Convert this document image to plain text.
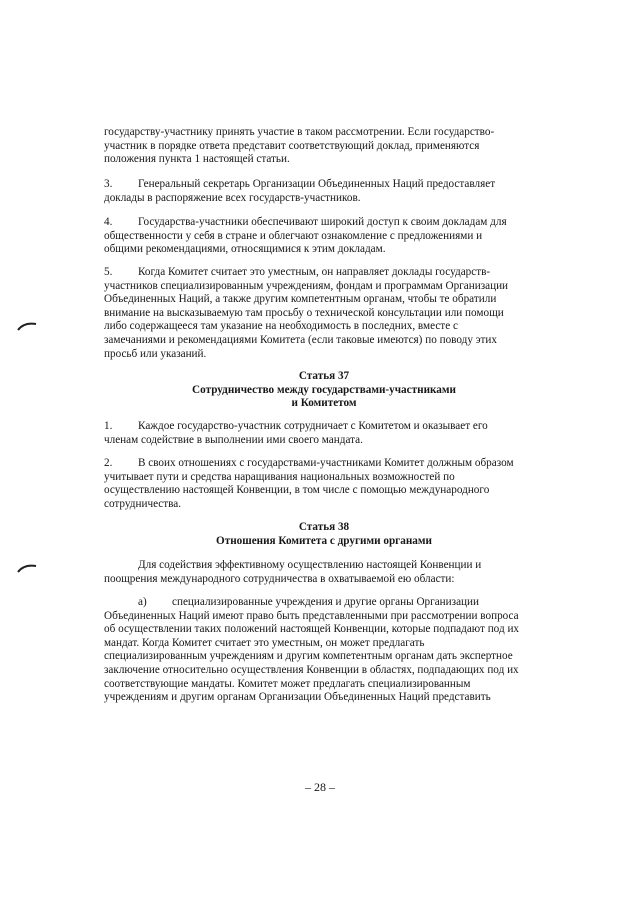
государству-участнику принять участие в таком рассмотрении. Если государство-
участник в порядке ответа представит соответствующий доклад, применяются
положения пункта 1 настоящей статьи.
3. Генеральный секретарь Организации Объединенных Наций предоставляет
доклады в распоряжение всех государств-участников.
4. Государства-участники обеспечивают широкий доступ к своим докладам для
общественности у себя в стране и облегчают ознакомление с предложениями и
общими рекомендациями, относящимися к этим докладам.
5. Когда Комитет считает это уместным, он направляет доклады государств-
участников специализированным учреждениям, фондам и программам Организации
Объединенных Наций, а также другим компетентным органам, чтобы те обратили
внимание на высказываемую там просьбу о технической консультации или помощи
либо содержащееся там указание на необходимость в последних, вместе с
замечаниями и рекомендациями Комитета (если таковые имеются) по поводу этих
просьб или указаний.
Статья 37
Сотрудничество между государствами-участниками
и Комитетом
1. Каждое государство-участник сотрудничает с Комитетом и оказывает его
членам содействие в выполнении ими своего мандата.
2. В своих отношениях с государствами-участниками Комитет должным образом
учитывает пути и средства наращивания национальных возможностей по
осуществлению настоящей Конвенции, в том числе с помощью международного
сотрудничества.
Статья 38
Отношения Комитета с другими органами
Для содействия эффективному осуществлению настоящей Конвенции и
поощрения международного сотрудничества в охватываемой ею области:
a) специализированные учреждения и другие органы Организации
Объединенных Наций имеют право быть представленными при рассмотрении вопроса
об осуществлении таких положений настоящей Конвенции, которые подпадают под их
мандат. Когда Комитет считает это уместным, он может предлагать
специализированным учреждениям и другим компетентным органам дать экспертное
заключение относительно осуществления Конвенции в областях, подпадающих под их
соответствующие мандаты. Комитет может предлагать специализированным
учреждениям и другим органам Организации Объединенных Наций представить
– 28 –
